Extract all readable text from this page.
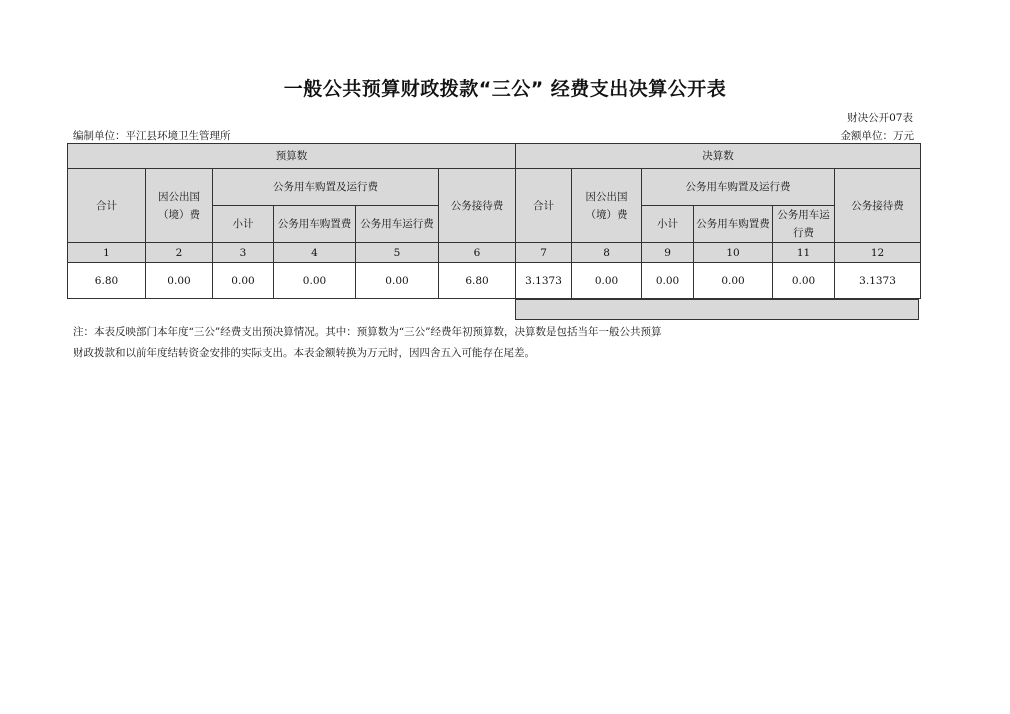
一般公共预算财政拨款“三公” 经费支出决算公开表
财决公开07表
编制单位：平江县环境卫生管理所	金额单位：万元
预算数						决算数					
合计	因公出国（境）费	公务用车购置及运行费			公务接待费	合计	因公出国（境）费	公务用车购置及运行费			公务接待费
		小计	公务用车购置费	公务用车运行费				小计	公务用车购置费	公务用车运行费	
1	2	3	4	5	6	7	8	9	10	11	12
6.80	0.00	0.00	0.00	0.00	6.80	3.1373	0.00	0.00	0.00	0.00	3.1373
注：本表反映部门本年度“三公”经费支出预决算情况。其中：预算数为“三公”经费年初预算数，决算数是包括当年一般公共预算
财政拨款和以前年度结转资金安排的实际支出。本表金额转换为万元时，因四舍五入可能存在尾差。
